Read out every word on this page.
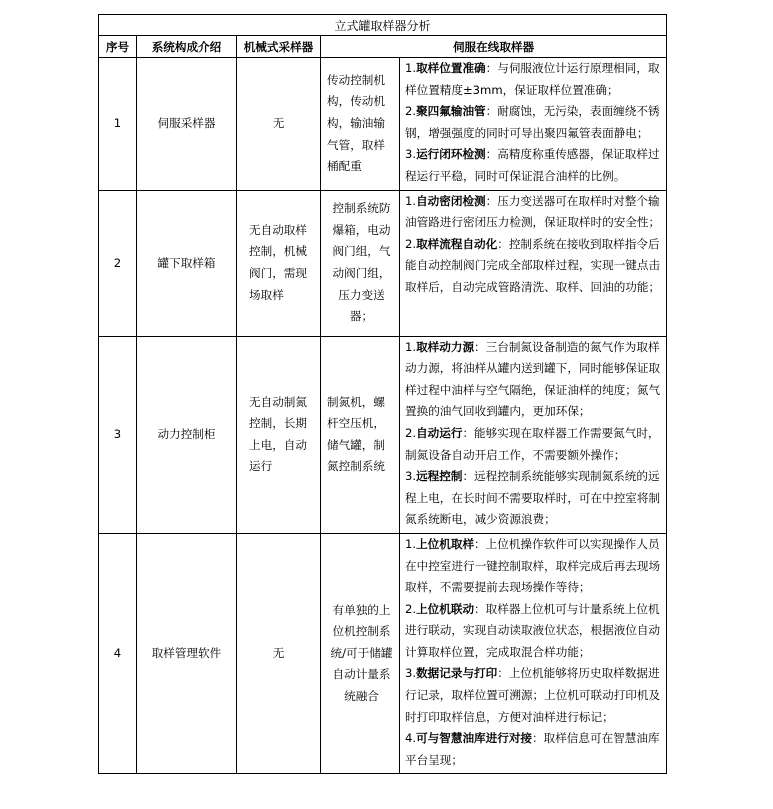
立式罐取样器分析				
序号	系统构成介绍	机械式采样器	伺服在线取样器	
1	伺服采样器	无	传动控制机构，传动机构，输油输气管，取样桶配重	1.取样位置准确：与伺服液位计运行原理相同，取样位置精度±3mm，保证取样位置准确；

2.聚四氟输油管：耐腐蚀，无污染，表面缠绕不锈钢，增强强度的同时可导出聚四氟管表面静电；

3.运行闭环检测：高精度称重传感器，保证取样过程运行平稳，同时可保证混合油样的比例。

2	罐下取样箱	无自动取样控制，机械阀门，需现场取样	控制系统防爆箱，电动阀门组，气动阀门组，压力变送器；	1.自动密闭检测：压力变送器可在取样时对整个输油管路进行密闭压力检测，保证取样时的安全性；

2.取样流程自动化：控制系统在接收到取样指令后能自动控制阀门完成全部取样过程，实现一键点击取样后，自动完成管路清洗、取样、回油的功能；

3	动力控制柜	无自动制氮控制，长期上电，自动运行	制氮机，螺杆空压机，储气罐，制氮控制系统	1.取样动力源：三台制氮设备制造的氮气作为取样动力源，将油样从罐内送到罐下，同时能够保证取样过程中油样与空气隔绝，保证油样的纯度；氮气置换的油气回收到罐内，更加环保；

2.自动运行：能够实现在取样器工作需要氮气时，制氮设备自动开启工作，不需要额外操作；

3.远程控制：远程控制系统能够实现制氮系统的远程上电，在长时间不需要取样时，可在中控室将制氮系统断电，减少资源浪费；

4	取样管理软件	无	有单独的上位机控制系统/可于储罐自动计量系统融合	1.上位机取样：上位机操作软件可以实现操作人员在中控室进行一键控制取样，取样完成后再去现场取样，不需要提前去现场操作等待；

2.上位机联动：取样器上位机可与计量系统上位机进行联动，实现自动读取液位状态，根据液位自动计算取样位置，完成取混合样功能；

3.数据记录与打印：上位机能够将历史取样数据进行记录，取样位置可溯源；上位机可联动打印机及时打印取样信息，方便对油样进行标记；

4.可与智慧油库进行对接：取样信息可在智慧油库平台呈现；
